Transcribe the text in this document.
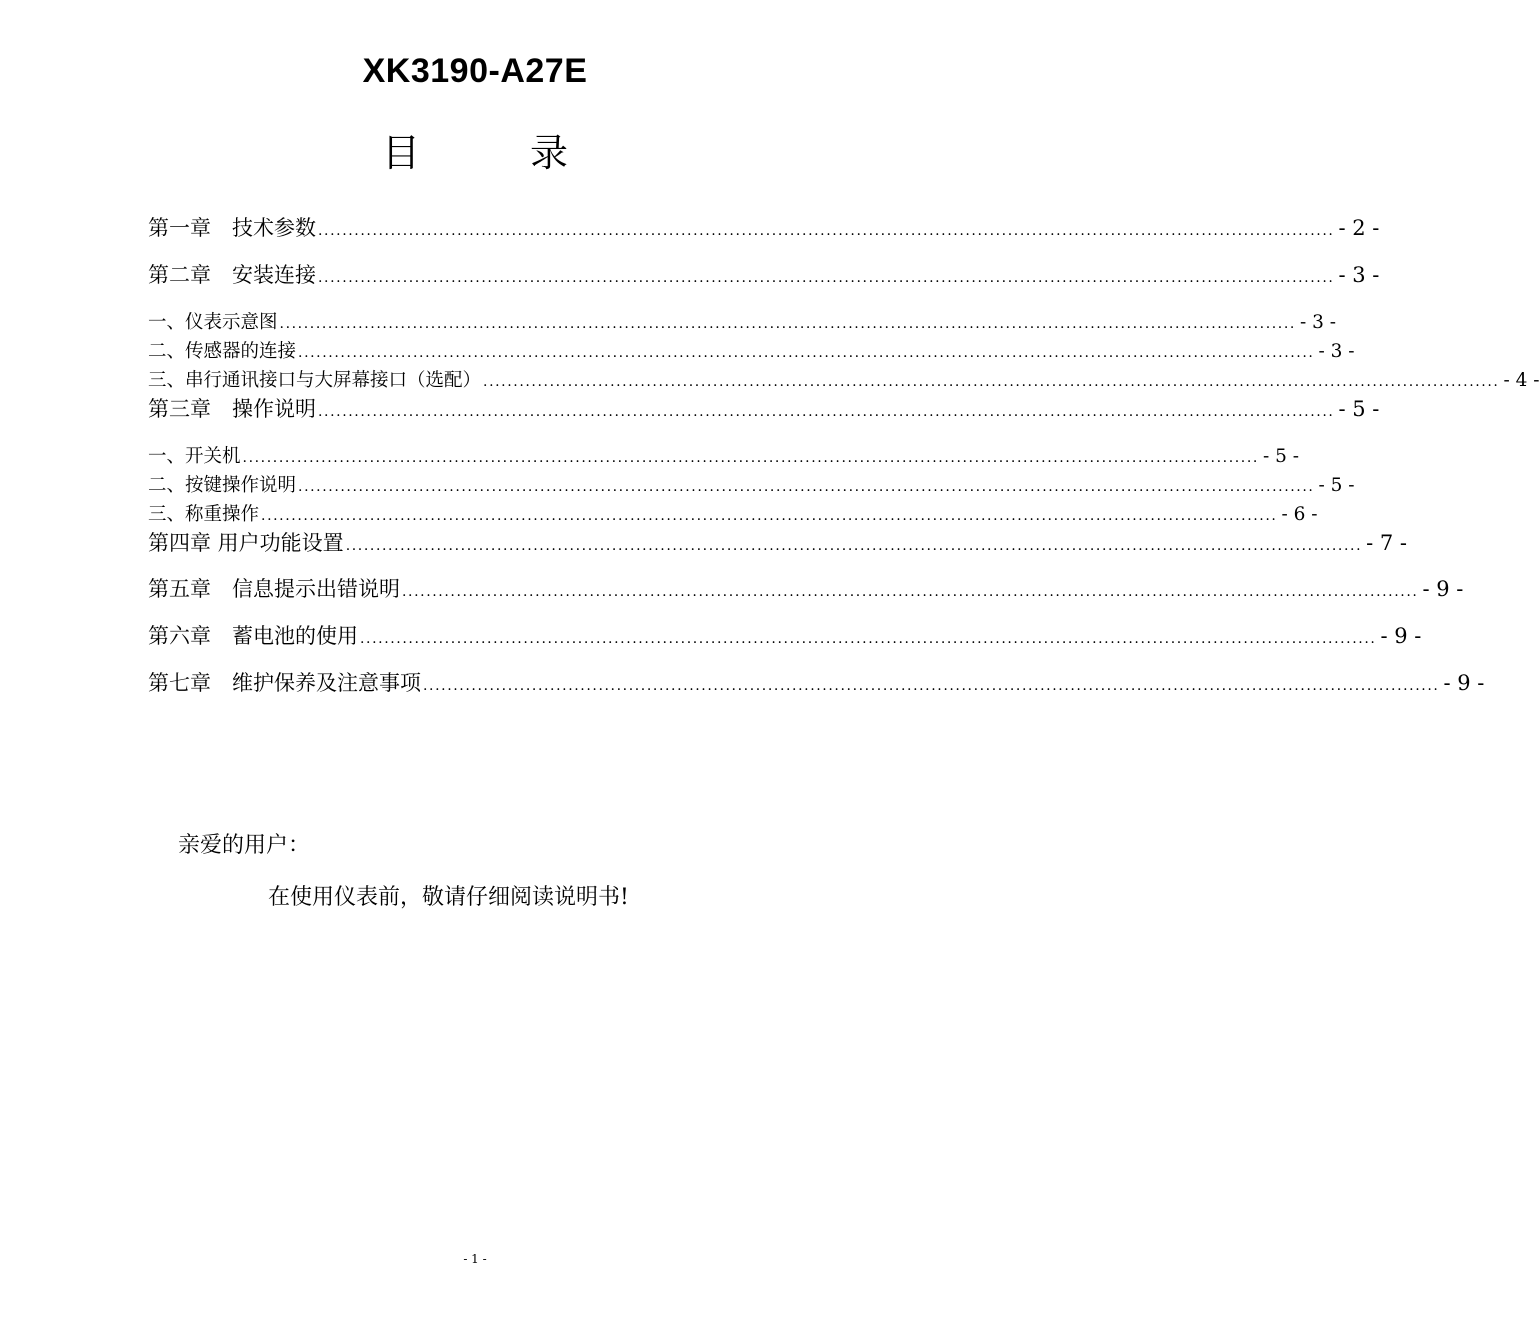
XK3190-A27E
目	录
第一章　技术参数 ........................................................................................................................................................................ - 2 -
第二章　安装连接 ........................................................................................................................................................................ - 3 -
一、仪表示意图 ........................................................................................................................................................................ - 3 -
二、传感器的连接 ........................................................................................................................................................................ - 3 -
三、串行通讯接口与大屏幕接口（选配） ........................................................................................................................................................................ - 4 -
第三章　操作说明 ........................................................................................................................................................................ - 5 -
一、开关机 ........................................................................................................................................................................ - 5 -
二、按键操作说明 ........................................................................................................................................................................ - 5 -
三、称重操作 ........................................................................................................................................................................ - 6 -
第四章 用户功能设置 ........................................................................................................................................................................ - 7 -
第五章　信息提示出错说明 ........................................................................................................................................................................ - 9 -
第六章　蓄电池的使用 ........................................................................................................................................................................ - 9 -
第七章　维护保养及注意事项 ........................................................................................................................................................................ - 9 -
亲爱的用户：
在使用仪表前，敬请仔细阅读说明书!
- 1 -
